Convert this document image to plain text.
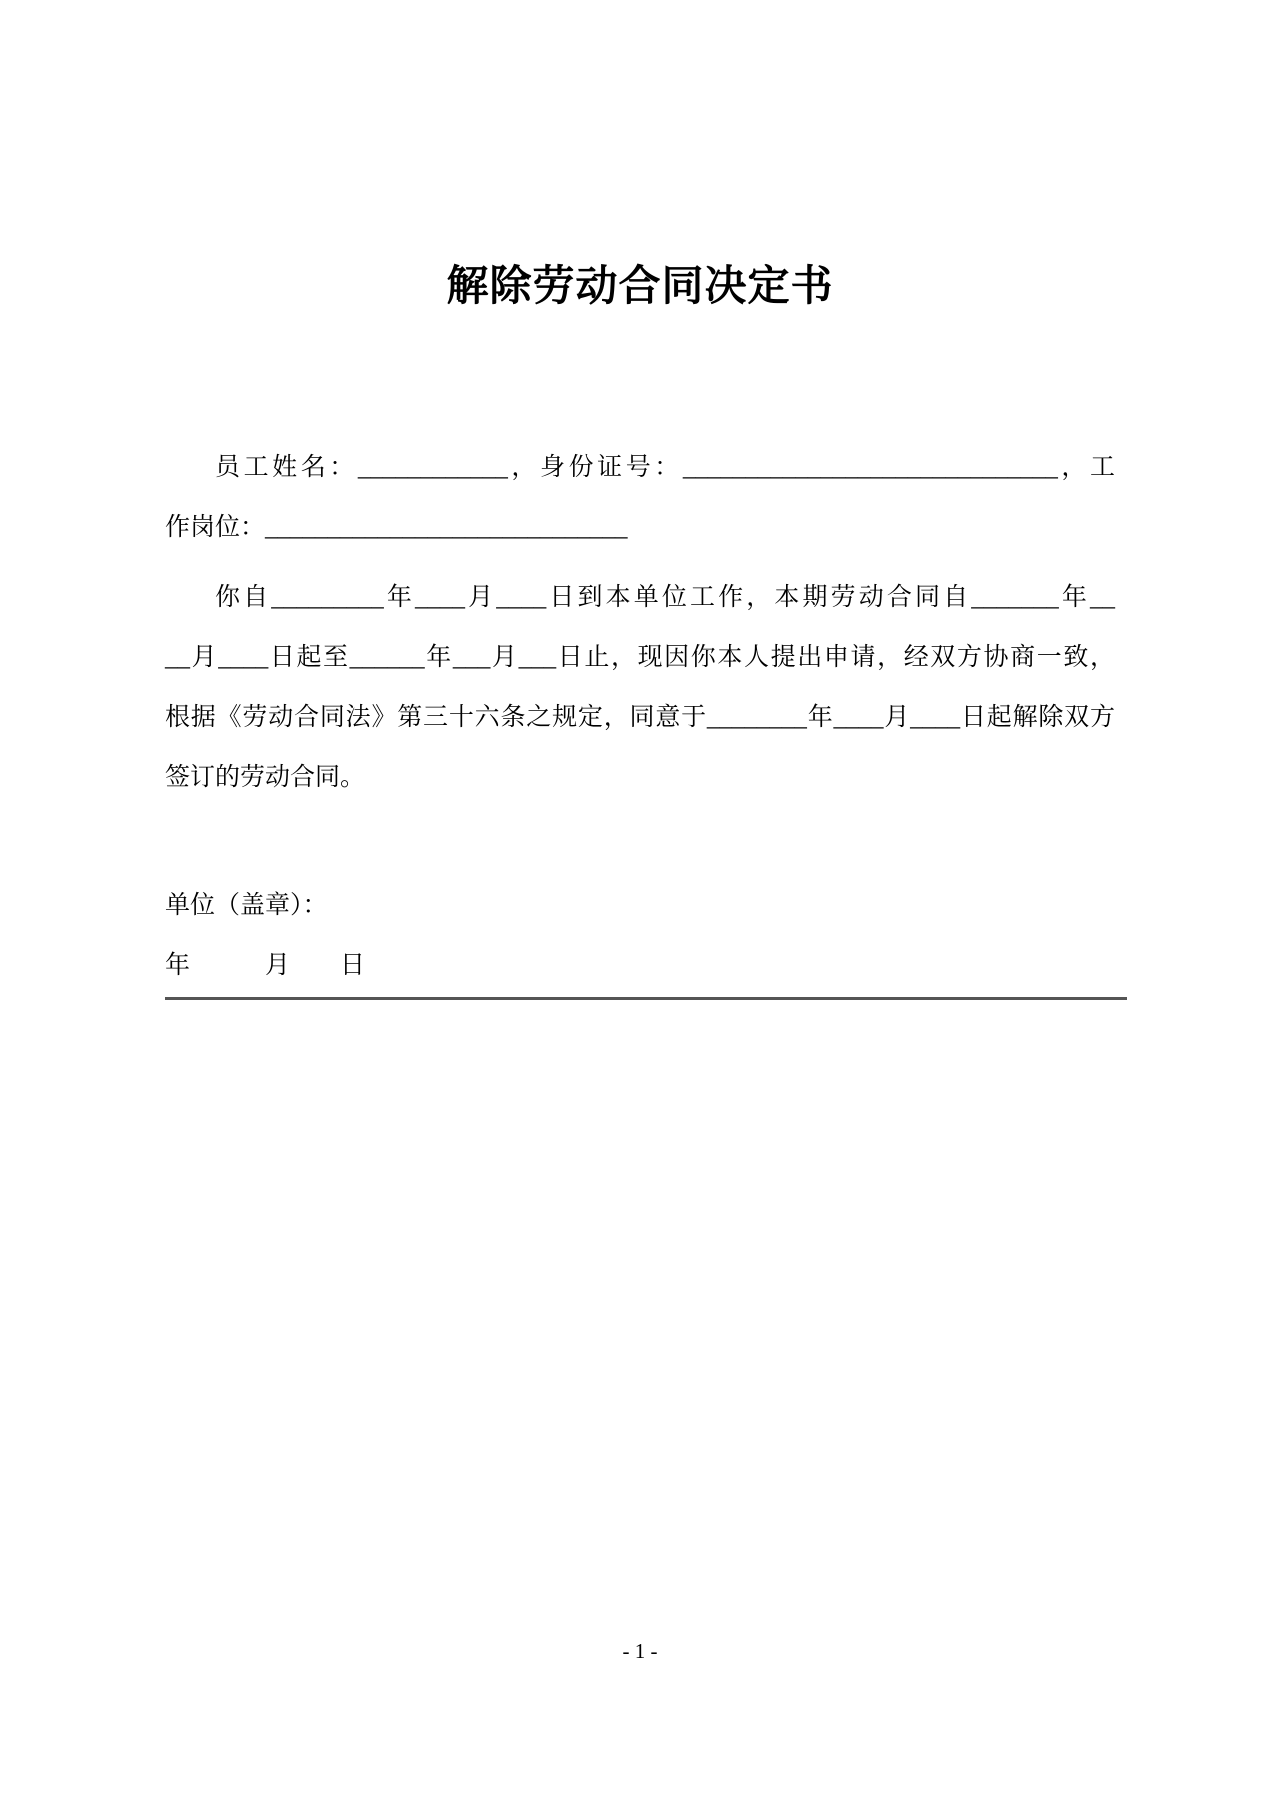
解除劳动合同决定书

员工姓名：____________，身份证号：______________________________，工

作岗位：_____________________________

你自_________年____月____日到本单位工作，本期劳动合同自_______年__

__月____日起至______年___月___日止，现因你本人提出申请，经双方协商一致，

根据《劳动合同法》第三十六条之规定，同意于________年____月____日起解除双方

签订的劳动合同。

单位（盖章）：

年　　　月　　日

- 1 -
